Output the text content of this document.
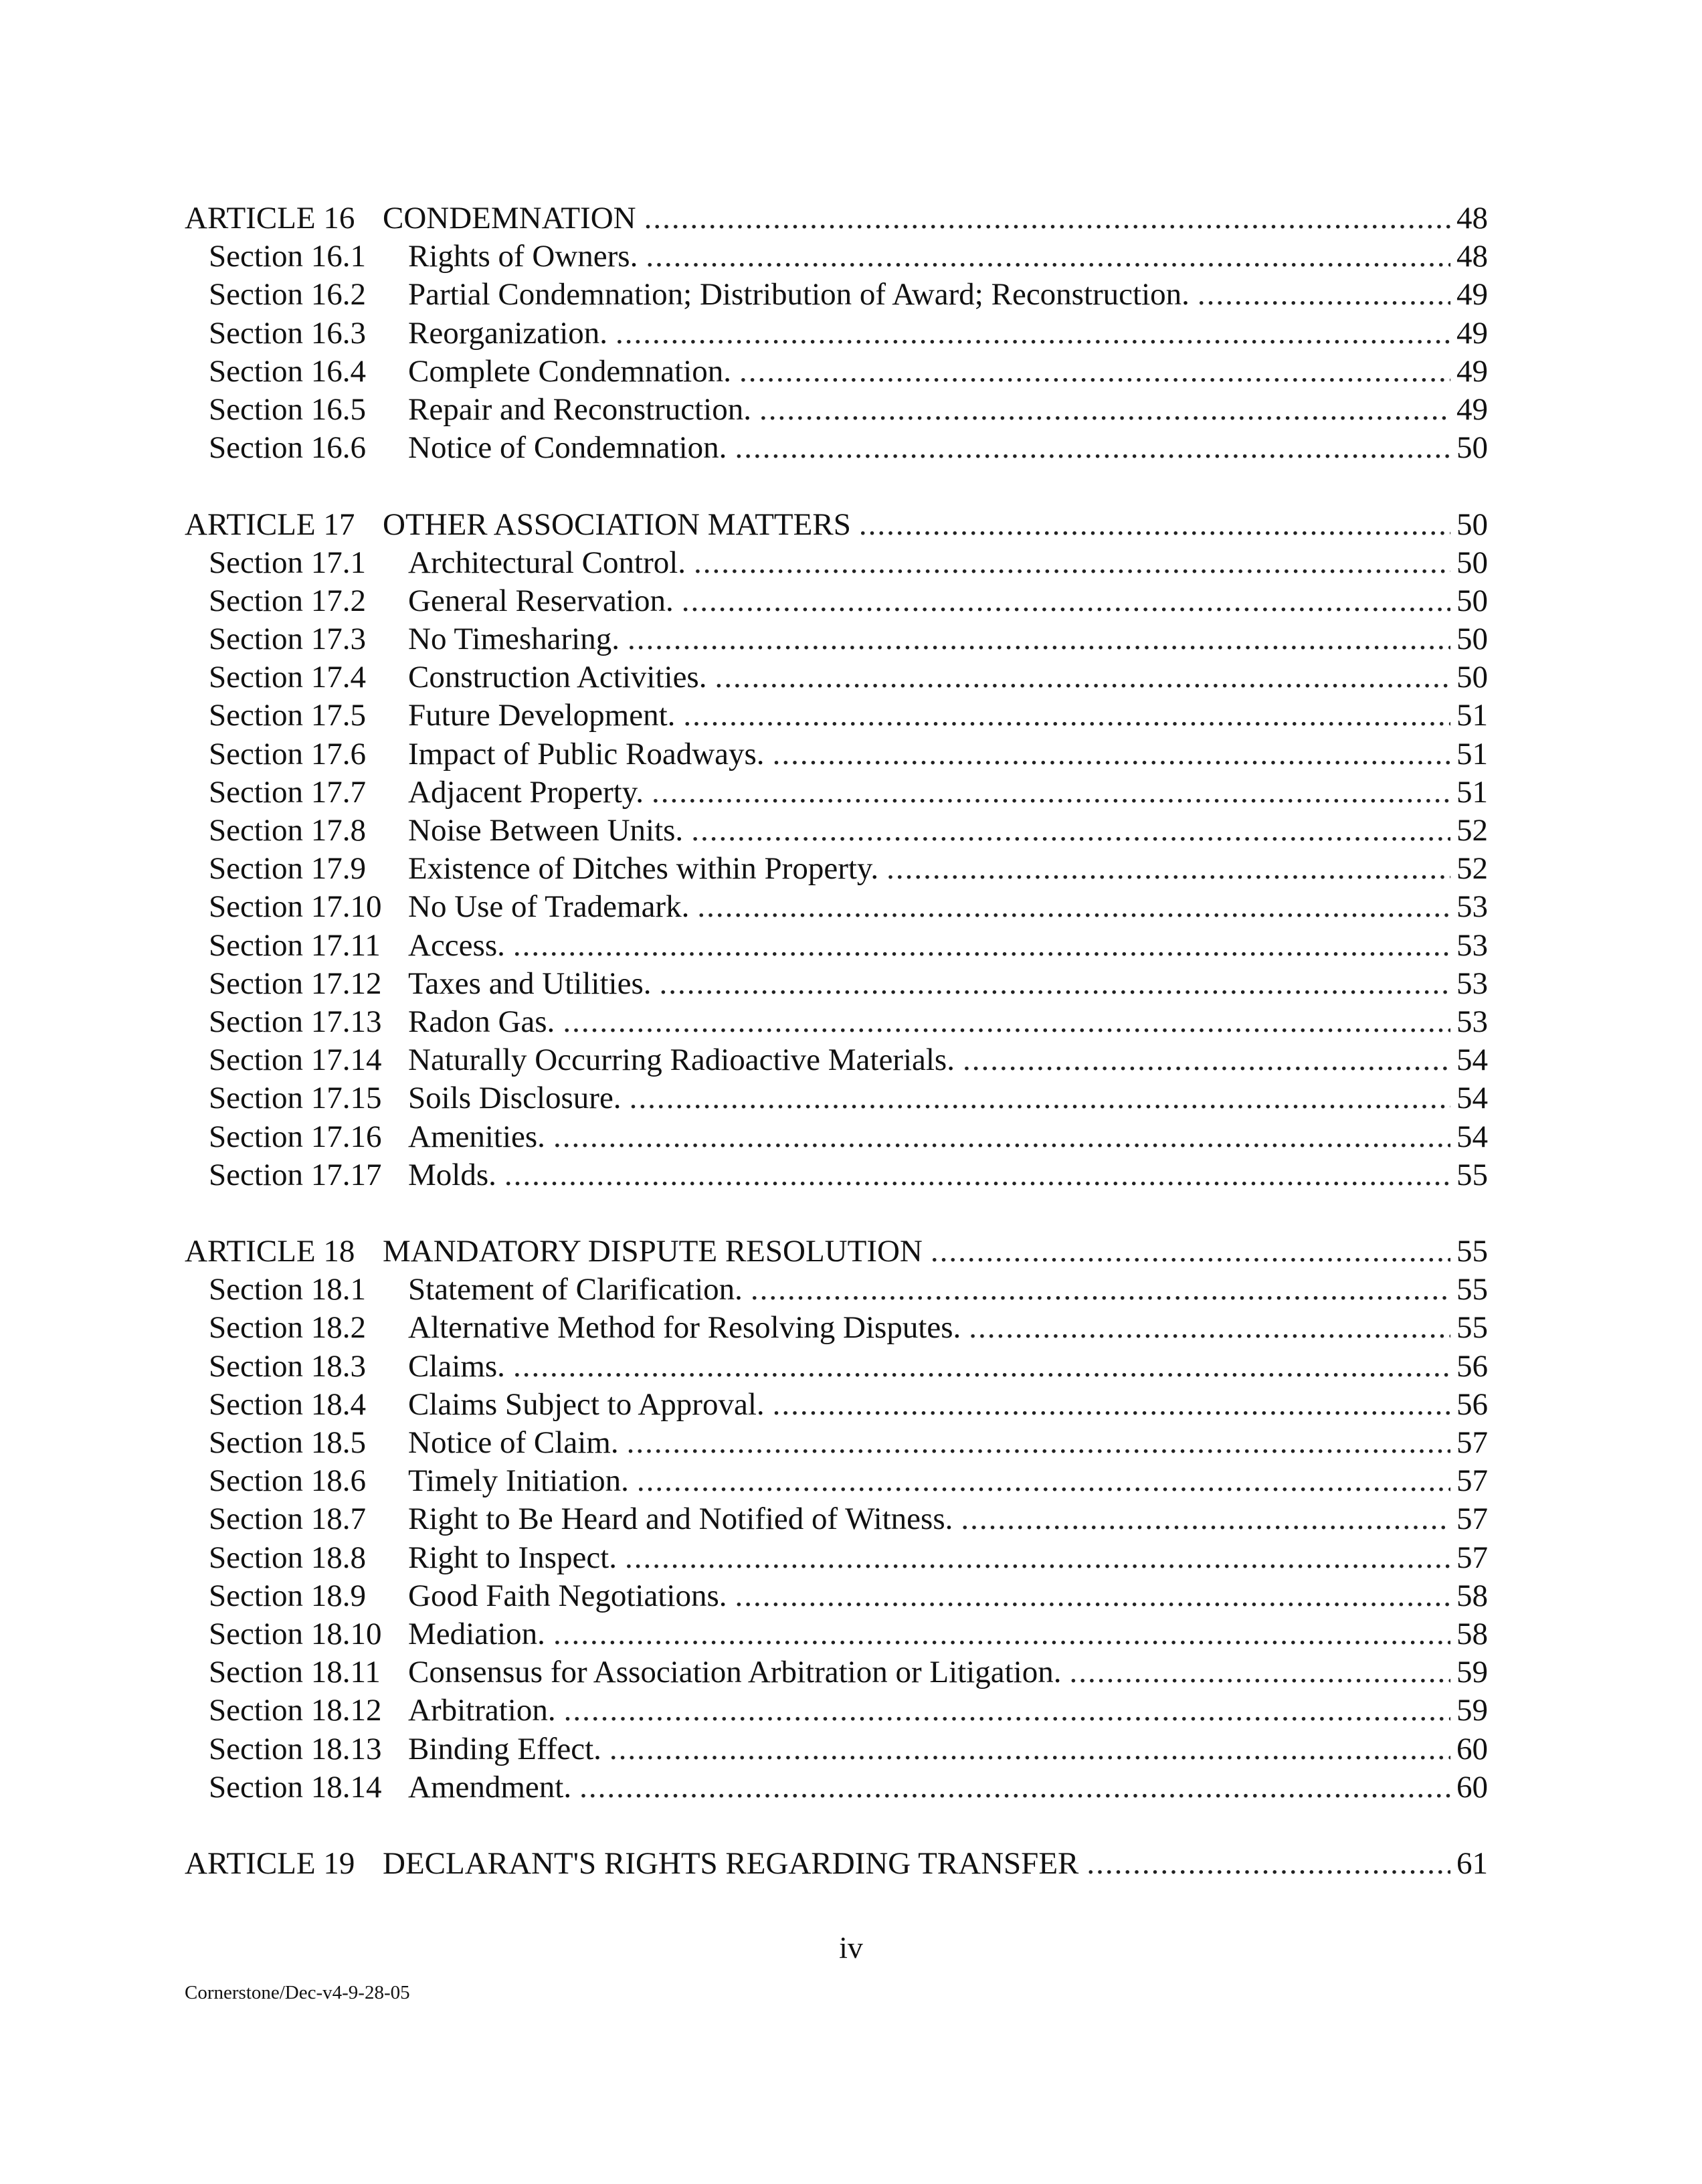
ARTICLE 16 CONDEMNATION .....	48
Section 16.1	Rights of Owners. .....	48
Section 16.2	Partial Condemnation; Distribution of Award; Reconstruction. .....	49
Section 16.3	Reorganization. .....	49
Section 16.4	Complete Condemnation. .....	49
Section 16.5	Repair and Reconstruction. .....	49
Section 16.6	Notice of Condemnation. .....	50
ARTICLE 17 OTHER ASSOCIATION MATTERS .....	50
Section 17.1	Architectural Control. .....	50
Section 17.2	General Reservation. .....	50
Section 17.3	No Timesharing. .....	50
Section 17.4	Construction Activities. .....	50
Section 17.5	Future Development. .....	51
Section 17.6	Impact of Public Roadways. .....	51
Section 17.7	Adjacent Property. .....	51
Section 17.8	Noise Between Units. .....	52
Section 17.9	Existence of Ditches within Property. .....	52
Section 17.10 No Use of Trademark. .....	53
Section 17.11 Access. .....	53
Section 17.12 Taxes and Utilities. .....	53
Section 17.13 Radon Gas. .....	53
Section 17.14 Naturally Occurring Radioactive Materials. .....	54
Section 17.15 Soils Disclosure. .....	54
Section 17.16 Amenities. .....	54
Section 17.17 Molds. .....	55
ARTICLE 18 MANDATORY DISPUTE RESOLUTION .....	55
Section 18.1	Statement of Clarification. .....	55
Section 18.2	Alternative Method for Resolving Disputes. .....	55
Section 18.3	Claims. .....	56
Section 18.4	Claims Subject to Approval. .....	56
Section 18.5	Notice of Claim. .....	57
Section 18.6	Timely Initiation. .....	57
Section 18.7	Right to Be Heard and Notified of Witness. .....	57
Section 18.8	Right to Inspect. .....	57
Section 18.9	Good Faith Negotiations. .....	58
Section 18.10 Mediation. .....	58
Section 18.11 Consensus for Association Arbitration or Litigation. .....	59
Section 18.12 Arbitration. .....	59
Section 18.13 Binding Effect. .....	60
Section 18.14 Amendment. .....	60
ARTICLE 19 DECLARANT'S RIGHTS REGARDING TRANSFER .....	61
iv
Cornerstone/Dec-v4-9-28-05
